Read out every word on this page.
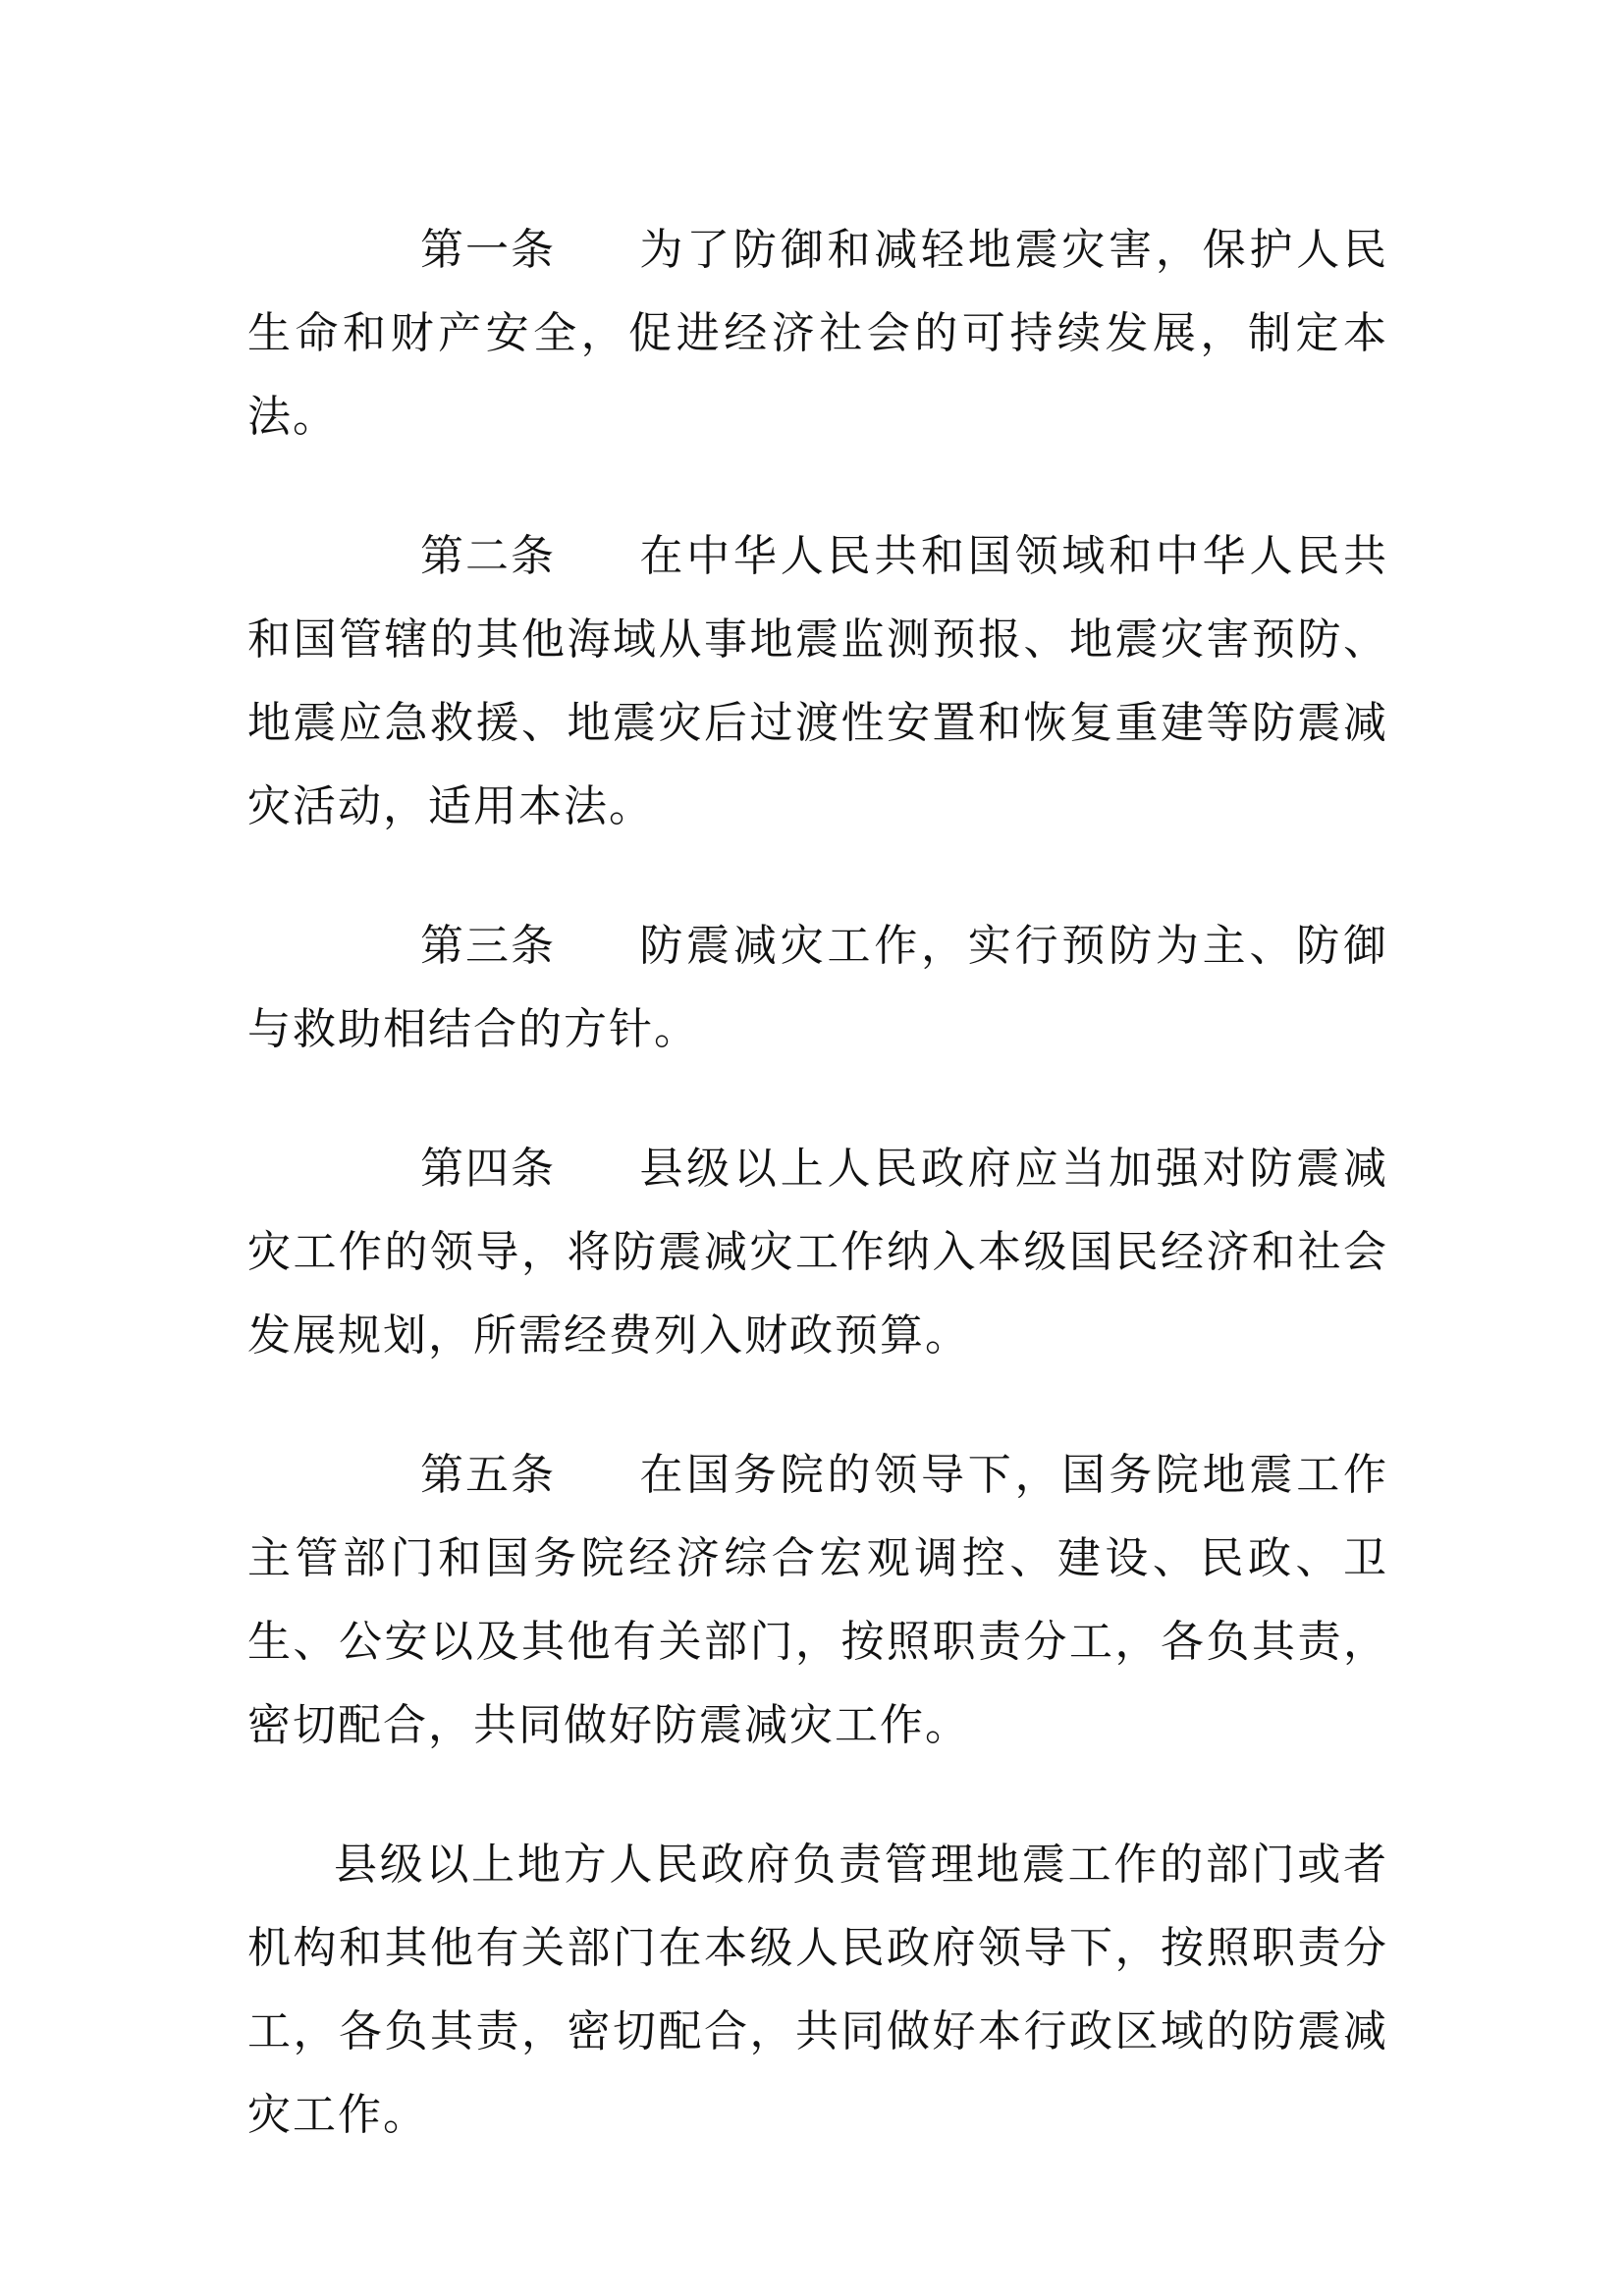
第一条 为了防御和减轻地震灾害，保护人民生命和财产安全，促进经济社会的可持续发展，制定本法。

第二条 在中华人民共和国领域和中华人民共和国管辖的其他海域从事地震监测预报、地震灾害预防、地震应急救援、地震灾后过渡性安置和恢复重建等防震减灾活动，适用本法。

第三条 防震减灾工作，实行预防为主、防御与救助相结合的方针。

第四条 县级以上人民政府应当加强对防震减灾工作的领导，将防震减灾工作纳入本级国民经济和社会发展规划，所需经费列入财政预算。

第五条 在国务院的领导下，国务院地震工作主管部门和国务院经济综合宏观调控、建设、民政、卫生、公安以及其他有关部门，按照职责分工，各负其责，密切配合，共同做好防震减灾工作。

县级以上地方人民政府负责管理地震工作的部门或者机构和其他有关部门在本级人民政府领导下，按照职责分工，各负其责，密切配合，共同做好本行政区域的防震减灾工作。
